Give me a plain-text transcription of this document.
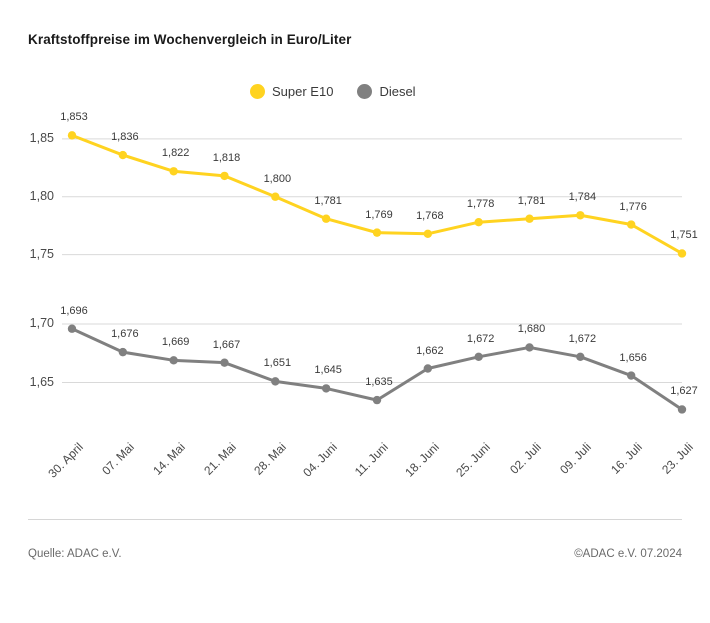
Kraftstoffpreise im Wochenvergleich in Euro/Liter
Super E10	Diesel
1,85
1,80
1,75
1,70
1,65
30. April	07. Mai	14. Mai	21. Mai	28. Mai 04. Juni 11. Juni 18. Juni 25. Juni	02. Juli	09. Juli	16. Juli	23. Juli
1,853
1,836
1,822 1,818
1,800
1,781
1,769 1,768
1,778 1,781 1,784
1,776
1,751
1,696
1,676
1,669 1,667
1,651
1,645
1,635
1,662
1,672
1,680
1,672
1,656
1,627
Quelle: ADAC e.V.	©ADAC e.V. 07.2024
